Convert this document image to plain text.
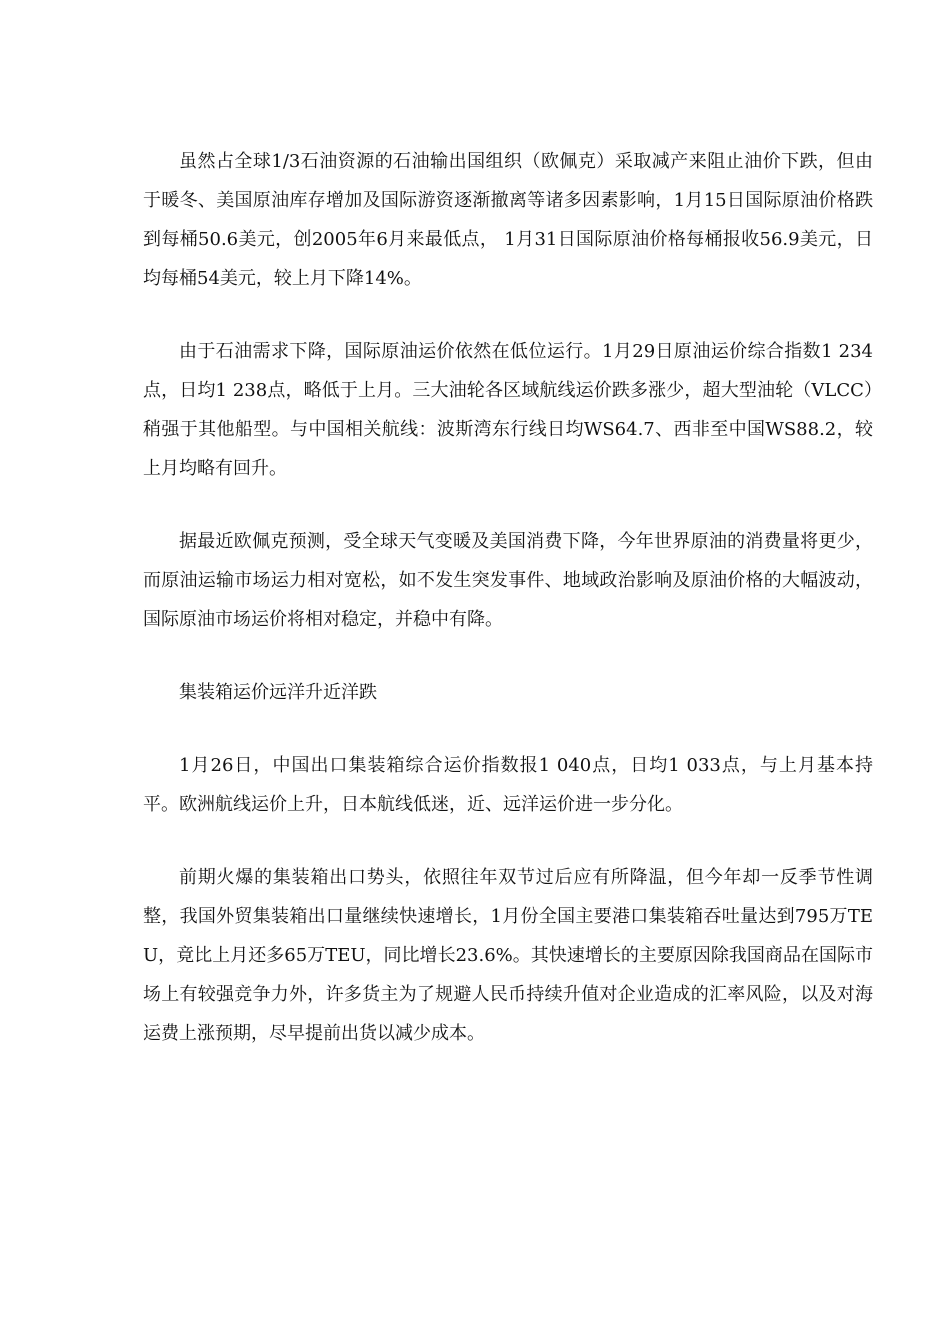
虽然占全球1/3石油资源的石油输出国组织（欧佩克）采取减产来阻止油价下跌，但由于暖冬、美国原油库存增加及国际游资逐渐撤离等诸多因素影响，1月15日国际原油价格跌到每桶50.6美元，创2005年6月来最低点， 1月31日国际原油价格每桶报收56.9美元，日均每桶54美元，较上月下降14%。

由于石油需求下降，国际原油运价依然在低位运行。1月29日原油运价综合指数1 234点，日均1 238点，略低于上月。三大油轮各区域航线运价跌多涨少，超大型油轮（VLCC）稍强于其他船型。与中国相关航线：波斯湾东行线日均WS64.7、西非至中国WS88.2，较上月均略有回升。

据最近欧佩克预测，受全球天气变暖及美国消费下降，今年世界原油的消费量将更少，而原油运输市场运力相对宽松，如不发生突发事件、地域政治影响及原油价格的大幅波动，国际原油市场运价将相对稳定，并稳中有降。

集装箱运价远洋升近洋跌

1月26日，中国出口集装箱综合运价指数报1 040点，日均1 033点，与上月基本持平。欧洲航线运价上升，日本航线低迷，近、远洋运价进一步分化。

前期火爆的集装箱出口势头，依照往年双节过后应有所降温，但今年却一反季节性调整，我国外贸集装箱出口量继续快速增长，1月份全国主要港口集装箱吞吐量达到795万TEU，竟比上月还多65万TEU，同比增长23.6%。其快速增长的主要原因除我国商品在国际市场上有较强竞争力外，许多货主为了规避人民币持续升值对企业造成的汇率风险，以及对海运费上涨预期，尽早提前出货以减少成本。
